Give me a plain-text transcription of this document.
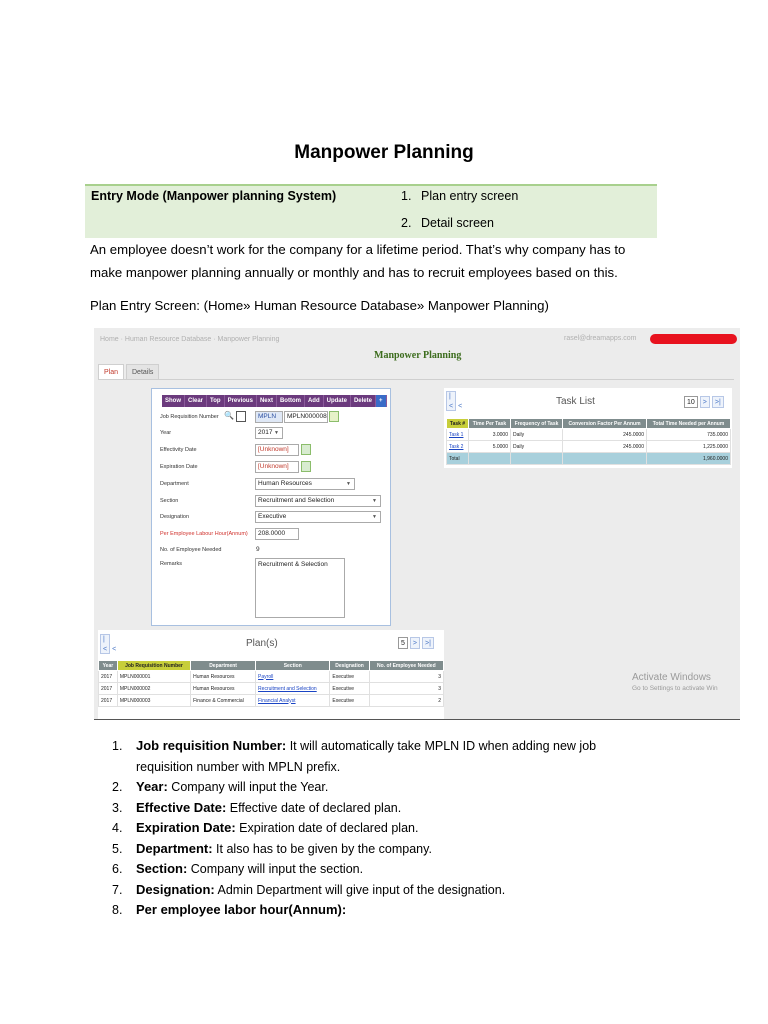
Manpower Planning
Entry Mode (Manpower planning System)	1. Plan entry screen
2. Detail screen
An employee doesn’t work for the company for a lifetime period. That’s why company has to
make manpower planning annually or monthly and has to recruit employees based on this.
Plan Entry Screen: (Home» Human Resource Database» Manpower Planning)
Home · Human Resource Database · Manpower Planning	rasel@dreamapps.com
Manpower Planning
Plan	Details
Show	Clear	Top	Previous	Next	Bottom	Add	Update	Delete	+
Job Requisition Number 🔍	MPLN	MPLN000008
Year	2017 ▼
Effectivity Date	[Unknown]
Expiration Date	[Unknown]
Department	Human Resources	▼
Section	Recruitment and Selection	▼
Designation	Executive	▼
Per Employee Labour Hour(Annum)	208.0000
No. of Employee Needed	9
Remarks	Recruitment & Selection
|
< <	Task List	10 > >|
Task #	Time Per Task	Frequency of Task	Conversion Factor Per Annum	Total Time Needed per Annum
Task 1	3.0000	Daily	245.0000	735.0000
Task 2	5.0000	Daily	245.0000	1,225.0000
Total				1,960.0000
|
< <
Plan(s)	5 > >|
Year	Job Requisition Number	Department	Section	Designation	No. of Employee Needed
2017	MPLN000001	Human Resources	Payroll	Executive	3
2017	MPLN000002	Human Resources	Recruitment and Selection	Executive	3
2017	MPLN000003	Finance & Commercial	Financial Analyst	Executive	2
Activate Windows
Go to Settings to activate Win
1. Job requisition Number: It will automatically take MPLN ID when adding new job
requisition number with MPLN prefix.
2. Year: Company will input the Year.
3. Effective Date: Effective date of declared plan.
4. Expiration Date: Expiration date of declared plan.
5. Department: It also has to be given by the company.
6. Section: Company will input the section.
7. Designation: Admin Department will give input of the designation.
8. Per employee labor hour(Annum):
